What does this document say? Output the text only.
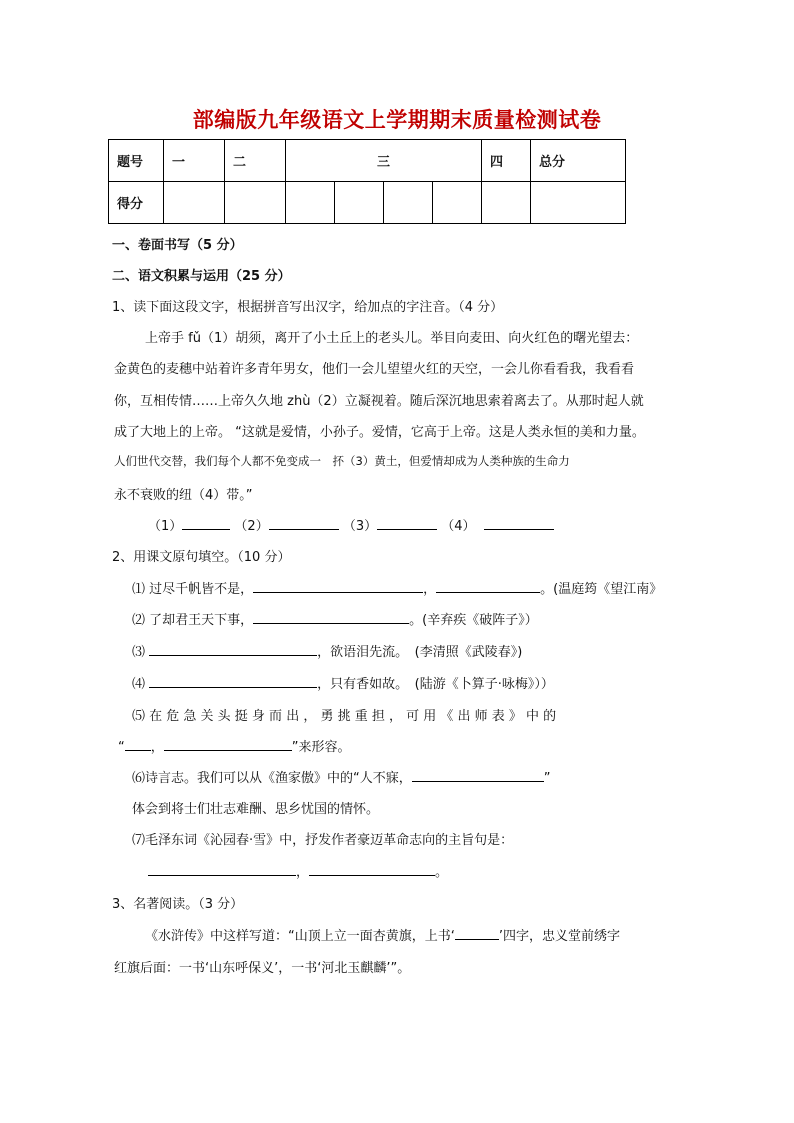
部编版九年级语文上学期期末质量检测试卷
题号	一	二	三				四	总分
得分								
一、卷面书写（5 分）
二、语文积累与运用（25 分）
1、读下面这段文字，根据拼音写出汉字，给加点的字注音。（4 分）
上帝手 fǔ（1）胡须，离开了小土丘上的老头儿。举目向麦田、向火红色的曙光望去：
金黄色的麦穗中站着许多青年男女，他们一会儿望望火红的天空，一会儿你看看我，我看看
你，互相传情……上帝久久地 zhù（2）立凝视着。随后深沉地思索着离去了。从那时起人就
成了大地上的上帝。 “这就是爱情，小孙子。爱情，它高于上帝。这是人类永恒的美和力量。
人们世代交替，我们每个人都不免变成一　抔（3）黄土，但爱情却成为人类种族的生命力
永不衰败的纽（4）带。”
（1）	（2）	（3）	（4）
2、用课文原句填空。（10 分）
⑴ 过尽千帆皆不是，	，	。(温庭筠《望江南》
⑵ 了却君王天下事，	。(辛弃疾《破阵子》）
⑶	，欲语泪先流。　(李清照《武陵春》)
⑷	，只有香如故。　(陆游《卜算子·咏梅》））
⑸ 在 危 急 关 头 挺 身 而 出 ， 勇 挑 重 担 ， 可 用 《 出 师 表 》 中 的
“ ，	”来形容。
⑹诗言志。我们可以从《渔家傲》中的“人不寐，	”
体会到将士们壮志难酬、思乡忧国的情怀。
⑺毛泽东词《沁园春·雪》中，抒发作者豪迈革命志向的主旨句是：
，	。
3、名著阅读。（3 分）
《水浒传》中这样写道：“山顶上立一面杏黄旗，上书‘	’四字，忠义堂前绣字
红旗后面：一书‘山东呼保义’，一书‘河北玉麒麟’”。
